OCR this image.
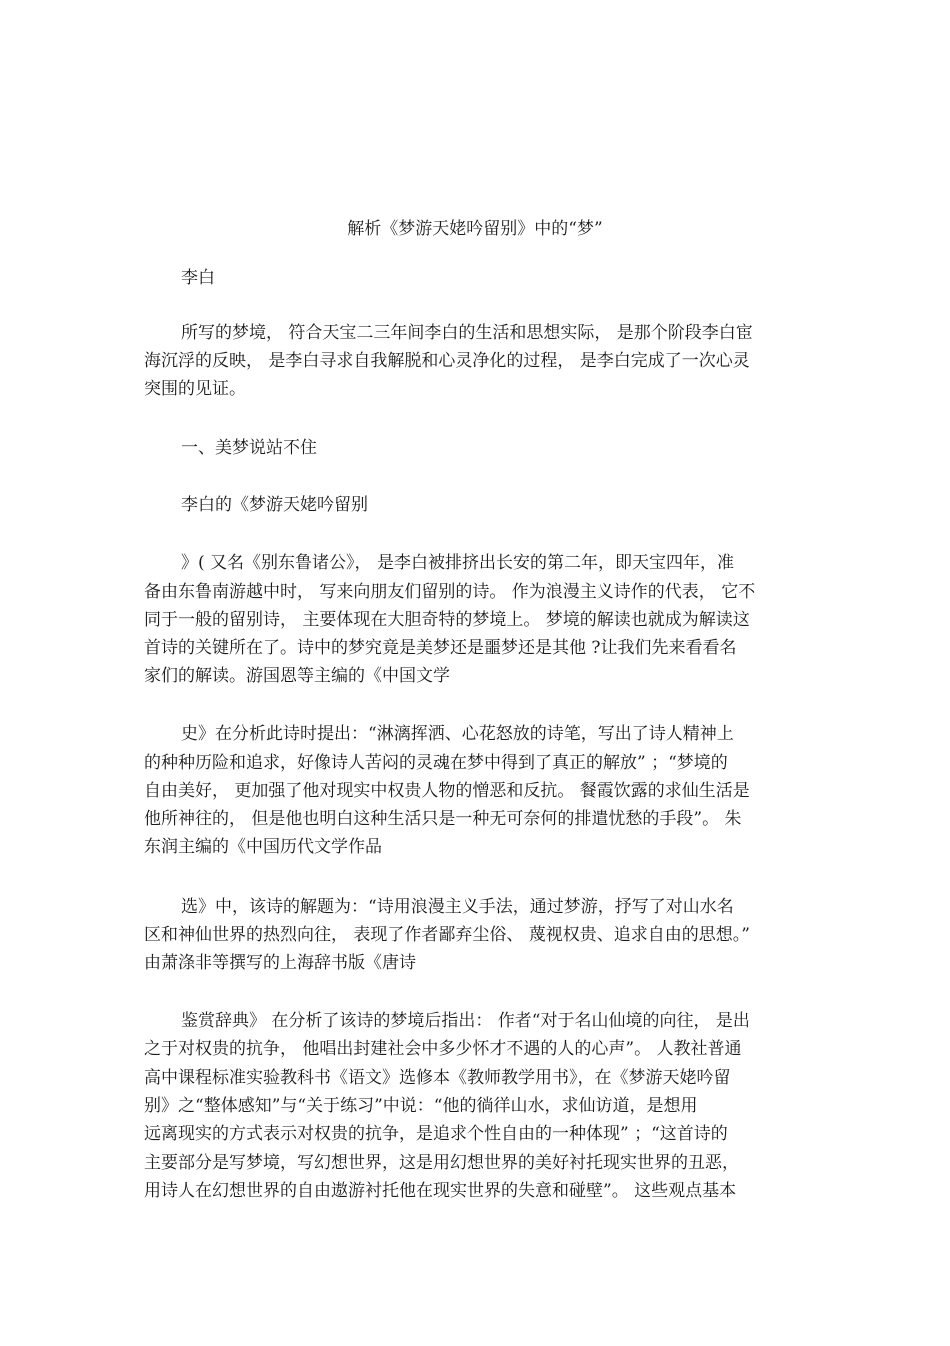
解析《梦游天姥吟留别》中的“梦”
李白
所写的梦境， 符合天宝二三年间李白的生活和思想实际， 是那个阶段李白宦
海沉浮的反映， 是李白寻求自我解脱和心灵净化的过程， 是李白完成了一次心灵
突围的见证。
一、美梦说站不住
李白的《梦游天姥吟留别
》( 又名《别东鲁诸公》， 是李白被排挤出长安的第二年，即天宝四年，准
备由东鲁南游越中时， 写来向朋友们留别的诗。 作为浪漫主义诗作的代表， 它不
同于一般的留别诗， 主要体现在大胆奇特的梦境上。 梦境的解读也就成为解读这
首诗的关键所在了。诗中的梦究竟是美梦还是噩梦还是其他 ?让我们先来看看名
家们的解读。游国恩等主编的《中国文学
史》在分析此诗时提出：“淋漓挥洒、心花怒放的诗笔，写出了诗人精神上
的种种历险和追求，好像诗人苦闷的灵魂在梦中得到了真正的解放” ；“梦境的
自由美好， 更加强了他对现实中权贵人物的憎恶和反抗。 餐霞饮露的求仙生活是
他所神往的， 但是他也明白这种生活只是一种无可奈何的排遣忧愁的手段”。 朱
东润主编的《中国历代文学作品
选》中，该诗的解题为：“诗用浪漫主义手法，通过梦游，抒写了对山水名
区和神仙世界的热烈向往， 表现了作者鄙弃尘俗、 蔑视权贵、追求自由的思想。”
由萧涤非等撰写的上海辞书版《唐诗
鉴赏辞典》 在分析了该诗的梦境后指出： 作者“对于名山仙境的向往， 是出
之于对权贵的抗争， 他唱出封建社会中多少怀才不遇的人的心声”。 人教社普通
高中课程标准实验教科书《语文》选修本《教师教学用书》，在《梦游天姥吟留
别》之“整体感知”与“关于练习”中说：“他的徜徉山水，求仙访道，是想用
远离现实的方式表示对权贵的抗争，是追求个性自由的一种体现” ；“这首诗的
主要部分是写梦境，写幻想世界，这是用幻想世界的美好衬托现实世界的丑恶，
用诗人在幻想世界的自由遨游衬托他在现实世界的失意和碰壁”。 这些观点基本
